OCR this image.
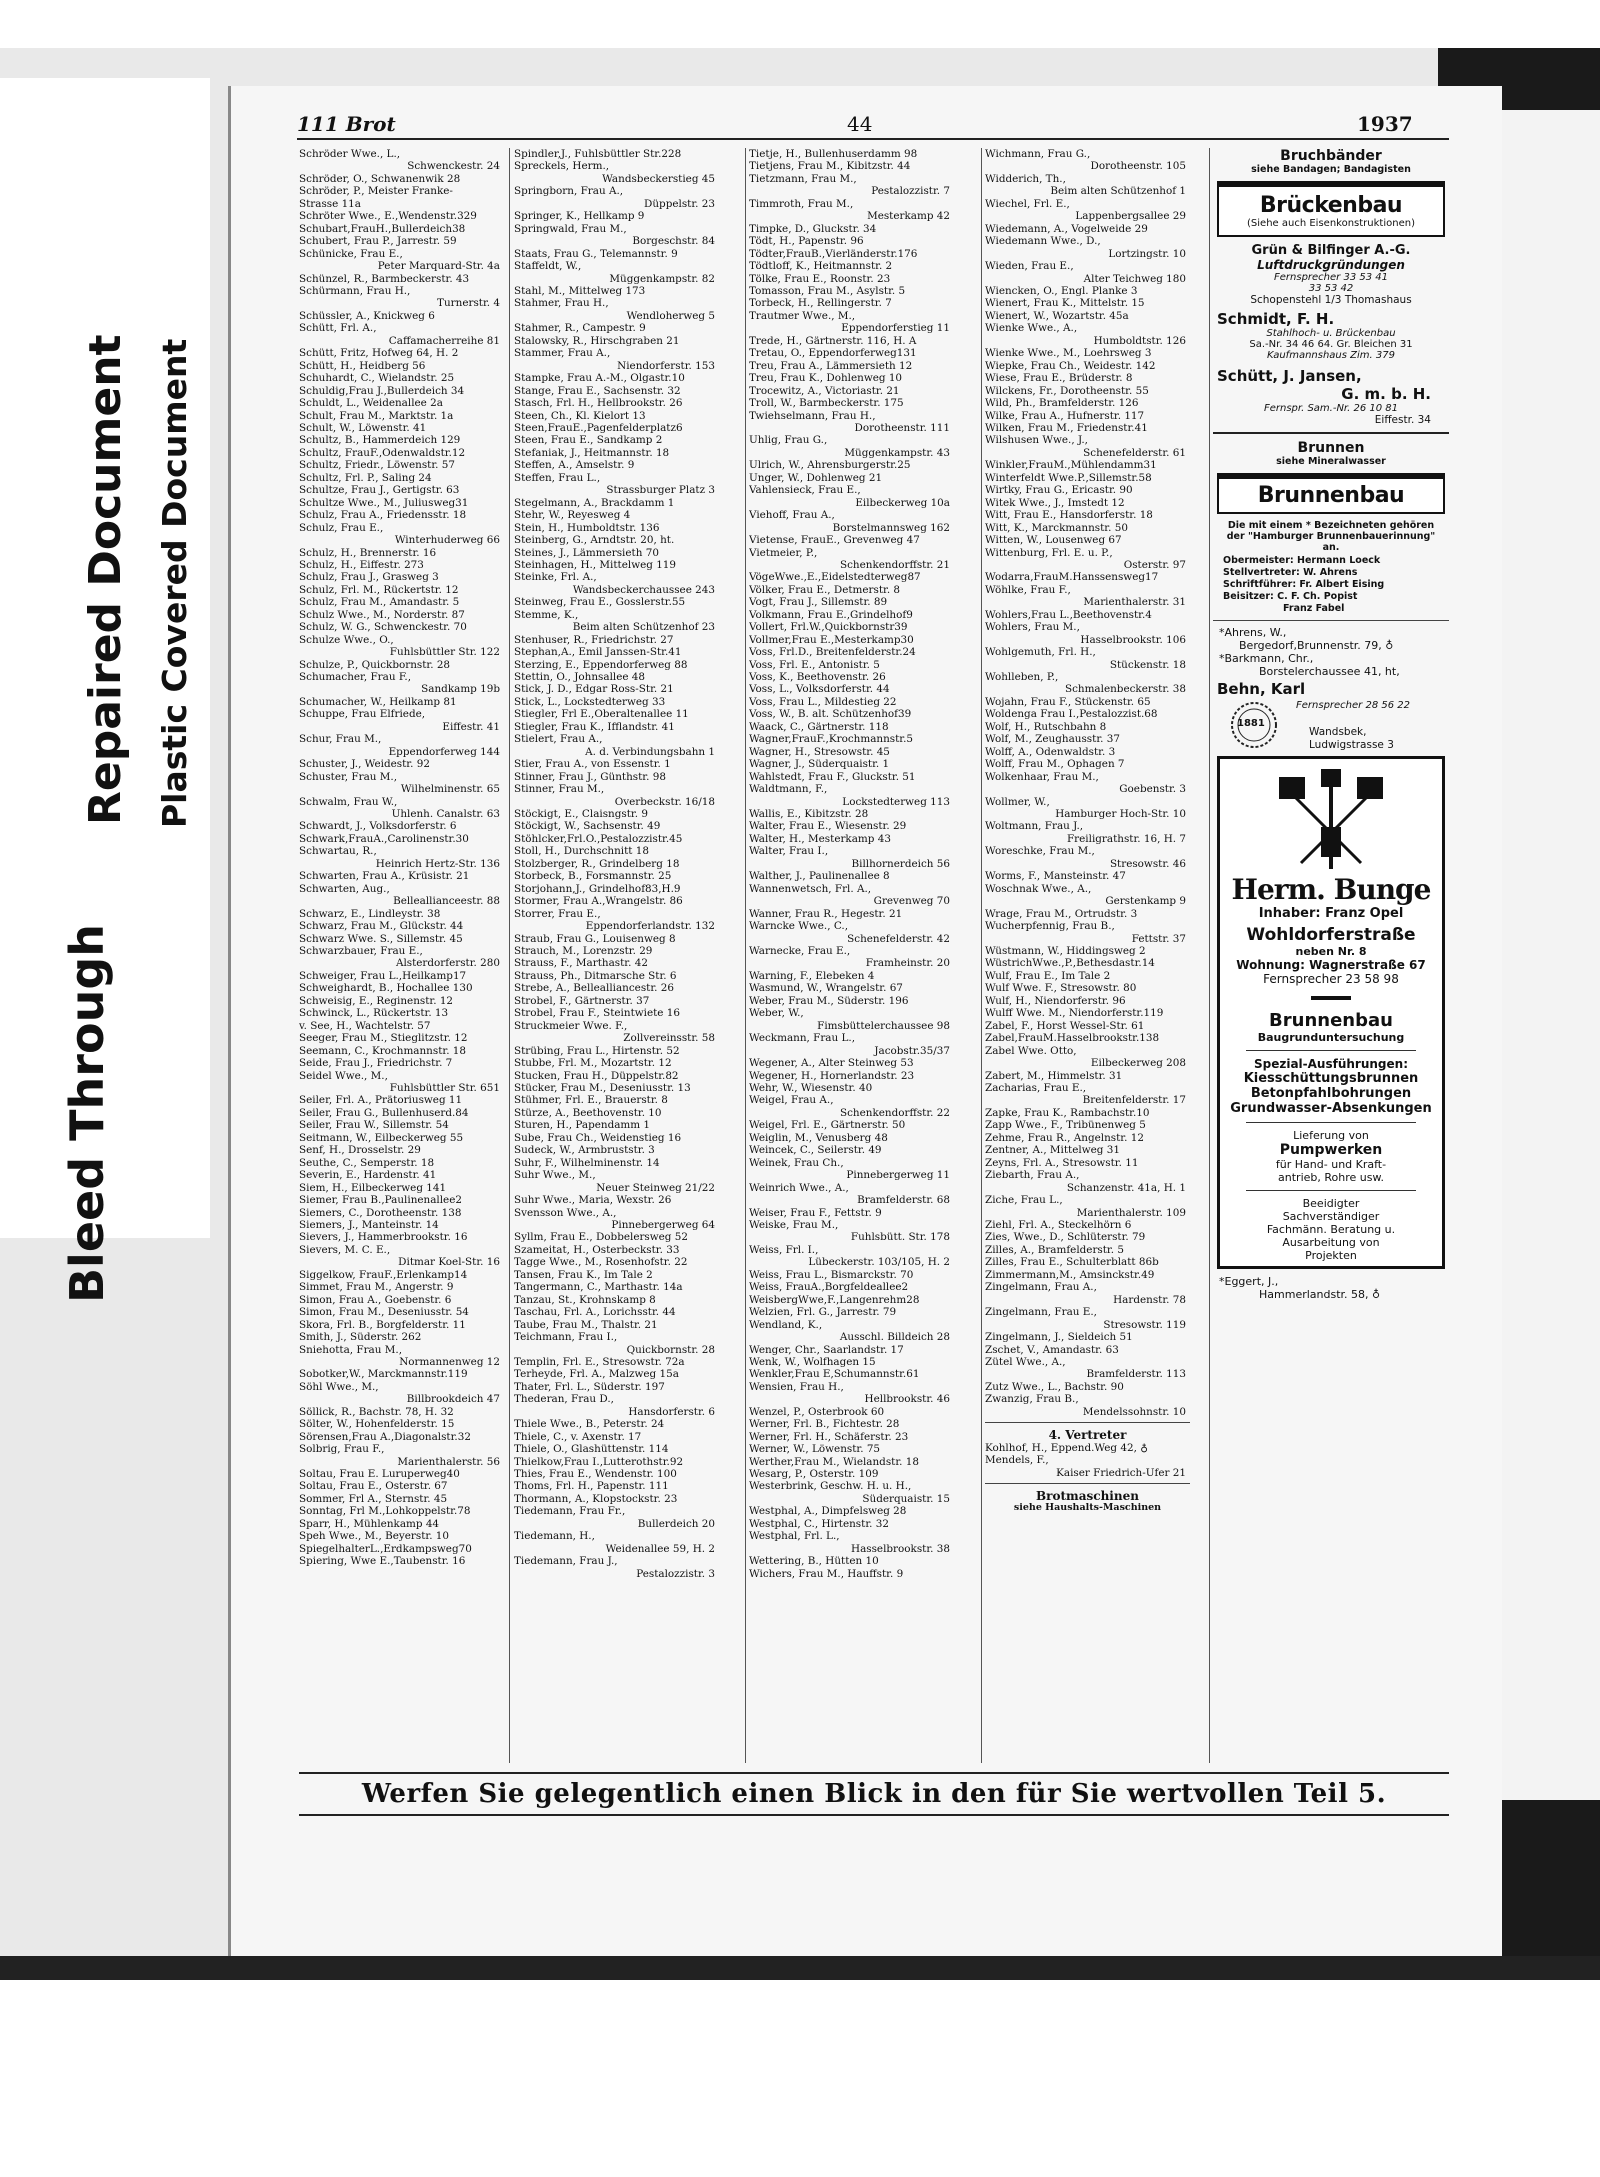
Bleed Through
Repaired Document Plastic Covered Document
111 Brot	44	1937
Schröder Wwe., L.,
Schwenckestr. 24
Schröder, O., Schwanenwik 28
Schröder, P., Meister Franke-
Strasse 11a
Schröter Wwe., E.,Wendenstr.329
Schubart,FrauH.,Bullerdeich38
Schubert, Frau P., Jarrestr. 59
Schünicke, Frau E.,
Peter Marquard-Str. 4a
Schünzel, R., Barmbeckerstr. 43
Schürmann, Frau H.,
Turnerstr. 4
Schüssler, A., Knickweg 6
Schütt, Frl. A.,
Caffamacherreihe 81
Schütt, Fritz, Hofweg 64, H. 2
Schütt, H., Heidberg 56
Schuhardt, C., Wielandstr. 25
Schuldig,Frau J.,Bullerdeich 34
Schuldt, L., Weidenallee 2a
Schult, Frau M., Marktstr. 1a
Schult, W., Löwenstr. 41
Schultz, B., Hammerdeich 129
Schultz, FrauF.,Odenwaldstr.12
Schultz, Friedr., Löwenstr. 57
Schultz, Frl. P., Saling 24
Schultze, Frau J., Gertigstr. 63
Schultze Wwe., M., Juliusweg31
Schulz, Frau A., Friedensstr. 18
Schulz, Frau E.,
Winterhuderweg 66
Schulz, H., Brennerstr. 16
Schulz, H., Eiffestr. 273
Schulz, Frau J., Grasweg 3
Schulz, Frl. M., Rückertstr. 12
Schulz, Frau M., Amandastr. 5
Schulz Wwe., M., Norderstr. 87
Schulz, W. G., Schwenckestr. 70
Schulze Wwe., O.,
Fuhlsbüttler Str. 122
Schulze, P., Quickbornstr. 28
Schumacher, Frau F.,
Sandkamp 19b
Schumacher, W., Heilkamp 81
Schuppe, Frau Elfriede,
Eiffestr. 41
Schur, Frau M.,
Eppendorferweg 144
Schuster, J., Weidestr. 92
Schuster, Frau M.,
Wilhelminenstr. 65
Schwalm, Frau W.,
Uhlenh. Canalstr. 63
Schwardt, J., Volksdorferstr. 6
Schwark,FrauA.,Carolinenstr.30
Schwartau, R.,
Heinrich Hertz-Str. 136
Schwarten, Frau A., Krüsistr. 21
Schwarten, Aug.,
Belleallianceestr. 88
Schwarz, E., Lindleystr. 38
Schwarz, Frau M., Glückstr. 44
Schwarz Wwe. S., Sillemstr. 45
Schwarzbauer, Frau E.,
Alsterdorferstr. 280
Schweiger, Frau L.,Heilkamp17
Schweighardt, B., Hochallee 130
Schweisig, E., Reginenstr. 12
Schwinck, L., Rückertstr. 13
v. See, H., Wachtelstr. 57
Seeger, Frau M., Stieglitzstr. 12
Seemann, C., Krochmannstr. 18
Seide, Frau J., Friedrichstr. 7
Seidel Wwe., M.,
Fuhlsbüttler Str. 651
Seiler, Frl. A., Prätoriusweg 11
Seiler, Frau G., Bullenhuserd.84
Seiler, Frau W., Sillemstr. 54
Seitmann, W., Eilbeckerweg 55
Senf, H., Drosselstr. 29
Seuthe, C., Semperstr. 18
Severin, E., Hardenstr. 41
Siem, H., Eilbeckerweg 141
Siemer, Frau B.,Paulinenallee2
Siemers, C., Dorotheenstr. 138
Siemers, J., Manteinstr. 14
Sievers, J., Hammerbrookstr. 16
Sievers, M. C. E.,
Ditmar Koel-Str. 16
Siggelkow, FrauF.,Erlenkamp14
Simmet, Frau M., Angerstr. 9
Simon, Frau A., Goebenstr. 6
Simon, Frau M., Deseniusstr. 54
Skora, Frl. B., Borgfelderstr. 11
Smith, J., Süderstr. 262
Sniehotta, Frau M.,
Normannenweg 12
Sobotker,W., Marckmannstr.119
Söhl Wwe., M.,
Billbrookdeich 47
Söllick, R., Bachstr. 78, H. 32
Sölter, W., Hohenfelderstr. 15
Sörensen,Frau A.,Diagonalstr.32
Solbrig, Frau F.,
Marienthalerstr. 56
Soltau, Frau E. Luruperweg40
Soltau, Frau E., Osterstr. 67
Sommer, Frl A., Sternstr. 45
Sonntag, Frl M.,Lohkoppelstr.78
Sparr, H., Mühlenkamp 44
Speh Wwe., M., Beyerstr. 10
SpiegelhalterL.,Erdkampsweg70
Spiering, Wwe E.,Taubenstr. 16
Spindler,J., Fuhlsbüttler Str.228
Spreckels, Herm.,
Wandsbeckerstieg 45
Springborn, Frau A.,
Düppelstr. 23
Springer, K., Hellkamp 9
Springwald, Frau M.,
Borgeschstr. 84
Staats, Frau G., Telemannstr. 9
Staffeldt, W.,
Müggenkampstr. 82
Stahl, M., Mittelweg 173
Stahmer, Frau H.,
Wendloherweg 5
Stahmer, R., Campestr. 9
Stalowsky, R., Hirschgraben 21
Stammer, Frau A.,
Niendorferstr. 153
Stampke, Frau A.-M., Olgastr.10
Stange, Frau E., Sachsenstr. 32
Stasch, Frl. H., Hellbrookstr. 26
Steen, Ch., Kl. Kielort 13
Steen,FrauE.,Pagenfelderplatz6
Steen, Frau E., Sandkamp 2
Stefaniak, J., Heitmannstr. 18
Steffen, A., Amselstr. 9
Steffen, Frau L.,
Strassburger Platz 3
Stegelmann, A., Brackdamm 1
Stehr, W., Reyesweg 4
Stein, H., Humboldtstr. 136
Steinberg, G., Arndtstr. 20, ht.
Steines, J., Lämmersieth 70
Steinhagen, H., Mittelweg 119
Steinke, Frl. A.,
Wandsbeckerchaussee 243
Steinweg, Frau E., Gosslerstr.55
Stemme, K.,
Beim alten Schützenhof 23
Stenhuser, R., Friedrichstr. 27
Stephan,A., Emil Janssen-Str.41
Sterzing, E., Eppendorferweg 88
Stettin, O., Johnsallee 48
Stick, J. D., Edgar Ross-Str. 21
Stick, L., Lockstedterweg 33
Stiegler, Frl E.,Oberaltenallee 11
Stiegler, Frau K., Ifflandstr. 41
Stielert, Frau A.,
A. d. Verbindungsbahn 1
Stier, Frau A., von Essenstr. 1
Stinner, Frau J., Günthstr. 98
Stinner, Frau M.,
Overbeckstr. 16/18
Stöckigt, E., Claisngstr. 9
Stöckigt, W., Sachsenstr. 49
Stöhlcker,Frl.O.,Pestalozzistr.45
Stoll, H., Durchschnitt 18
Stolzberger, R., Grindelberg 18
Storbeck, B., Forsmannstr. 25
Storjohann,J., Grindelhof83,H.9
Stormer, Frau A.,Wrangelstr. 86
Storrer, Frau E.,
Eppendorferlandstr. 132
Straub, Frau G., Louisenweg 8
Strauch, M., Lorenzstr. 29
Strauss, F., Marthastr. 42
Strauss, Ph., Ditmarsche Str. 6
Strebe, A., Bellealliancestr. 26
Strobel, F., Gärtnerstr. 37
Strobel, Frau F., Steintwiete 16
Struckmeier Wwe. F.,
Zollvereinsstr. 58
Strübing, Frau L., Hirtenstr. 52
Stubbe, Frl. M., Mozartstr. 12
Stucken, Frau H., Düppelstr.82
Stücker, Frau M., Deseniusstr. 13
Stühmer, Frl. E., Brauerstr. 8
Stürze, A., Beethovenstr. 10
Sturen, H., Papendamm 1
Sube, Frau Ch., Weidenstieg 16
Sudeck, W., Armbruststr. 3
Suhr, F., Wilhelminenstr. 14
Suhr Wwe., M.,
Neuer Steinweg 21/22
Suhr Wwe., Maria, Wexstr. 26
Svensson Wwe., A.,
Pinnebergerweg 64
Syllm, Frau E., Dobbelersweg 52
Szameitat, H., Osterbeckstr. 33
Tagge Wwe., M., Rosenhofstr. 22
Tansen, Frau K., Im Tale 2
Tangermann, C., Marthastr. 14a
Tanzau, St., Krohnskamp 8
Taschau, Frl. A., Lorichsstr. 44
Taube, Frau M., Thalstr. 21
Teichmann, Frau I.,
Quickbornstr. 28
Templin, Frl. E., Stresowstr. 72a
Terheyde, Frl. A., Malzweg 15a
Thater, Frl. L., Süderstr. 197
Thederan, Frau D.,
Hansdorferstr. 6
Thiele Wwe., B., Peterstr. 24
Thiele, C., v. Axenstr. 17
Thiele, O., Glashüttenstr. 114
Thielkow,Frau I.,Lutterothstr.92
Thies, Frau E., Wendenstr. 100
Thoms, Frl. H., Papenstr. 111
Thormann, A., Klopstockstr. 23
Tiedemann, Frau Fr.,
Bullerdeich 20
Tiedemann, H.,
Weidenallee 59, H. 2
Tiedemann, Frau J.,
Pestalozzistr. 3
Tietje, H., Bullenhuserdamm 98
Tietjens, Frau M., Kibitzstr. 44
Tietzmann, Frau M.,
Pestalozzistr. 7
Timmroth, Frau M.,
Mesterkamp 42
Timpke, D., Gluckstr. 34
Tödt, H., Papenstr. 96
Tödter,FrauB.,Vierländerstr.176
Tödtloff, K., Heitmannstr. 2
Tölke, Frau E., Roonstr. 23
Tomasson, Frau M., Asylstr. 5
Torbeck, H., Rellingerstr. 7
Trautmer Wwe., M.,
Eppendorferstieg 11
Trede, H., Gärtnerstr. 116, H. A
Tretau, O., Eppendorferweg131
Treu, Frau A., Lämmersieth 12
Treu, Frau K., Dohlenweg 10
Trocewitz, A., Victoriastr. 21
Troll, W., Barmbeckerstr. 175
Twiehselmann, Frau H.,
Dorotheenstr. 111
Uhlig, Frau G.,
Müggenkampstr. 43
Ulrich, W., Ahrensburgerstr.25
Unger, W., Dohlenweg 21
Vahlensieck, Frau E.,
Eilbeckerweg 10a
Viehoff, Frau A.,
Borstelmannsweg 162
Vietense, FrauE., Grevenweg 47
Vietmeier, P.,
Schenkendorffstr. 21
VögeWwe.,E.,Eidelstedterweg87
Völker, Frau E., Detmerstr. 8
Vogt, Frau J., Sillemstr. 89
Volkmann, Frau E.,Grindelhof9
Vollert, Frl.W.,Quickbornstr39
Vollmer,Frau E.,Mesterkamp30
Voss, Frl.D., Breitenfelderstr.24
Voss, Frl. E., Antonistr. 5
Voss, K., Beethovenstr. 26
Voss, L., Volksdorferstr. 44
Voss, Frau L., Mildestieg 22
Voss, W., B. alt. Schützenhof39
Waack, C., Gärtnerstr. 118
Wagner,FrauF.,Krochmannstr.5
Wagner, H., Stresowstr. 45
Wagner, J., Süderquaistr. 1
Wahlstedt, Frau F., Gluckstr. 51
Waldtmann, F.,
Lockstedterweg 113
Wallis, E., Kibitzstr. 28
Walter, Frau E., Wiesenstr. 29
Walter, H., Mesterkamp 43
Walter, Frau I.,
Billhornerdeich 56
Walther, J., Paulinenallee 8
Wannenwetsch, Frl. A.,
Grevenweg 70
Wanner, Frau R., Hegestr. 21
Warncke Wwe., C.,
Schenefelderstr. 42
Warnecke, Frau E.,
Framheinstr. 20
Warning, F., Elebeken 4
Wasmund, W., Wrangelstr. 67
Weber, Frau M., Süderstr. 196
Weber, W.,
Fimsbüttelerchaussee 98
Weckmann, Frau L.,
Jacobstr.35/37
Wegener, A., Alter Steinweg 53
Wegener, H., Hornerlandstr. 23
Wehr, W., Wiesenstr. 40
Weigel, Frau A.,
Schenkendorffstr. 22
Weigel, Frl. E., Gärtnerstr. 50
Weiglin, M., Venusberg 48
Weincek, C., Seilerstr. 49
Weinek, Frau Ch.,
Pinnebergerweg 11
Weinrich Wwe., A.,
Bramfelderstr. 68
Weiser, Frau F., Fettstr. 9
Weiske, Frau M.,
Fuhlsbütt. Str. 178
Weiss, Frl. I.,
Lübeckerstr. 103/105, H. 2
Weiss, Frau L., Bismarckstr. 70
Weiss, FrauA.,Borgfeldeallee2
WeisbergWwe,F.,Langenrehm28
Welzien, Frl. G., Jarrestr. 79
Wendland, K.,
Ausschl. Billdeich 28
Wenger, Chr., Saarlandstr. 17
Wenk, W., Wolfhagen 15
Wenkler,Frau E,Schumannstr.61
Wensien, Frau H.,
Hellbrookstr. 46
Wenzel, P., Osterbrook 60
Werner, Frl. B., Fichtestr. 28
Werner, Frl. H., Schäferstr. 23
Werner, W., Löwenstr. 75
Werther,Frau M., Wielandstr. 18
Wesarg, P., Osterstr. 109
Westerbrink, Geschw. H. u. H.,
Süderquaistr. 15
Westphal, A., Dimpfelsweg 28
Westphal, C., Hirtenstr. 32
Westphal, Frl. L.,
Hasselbrookstr. 38
Wettering, B., Hütten 10
Wichers, Frau M., Hauffstr. 9
Wichmann, Frau G.,
Dorotheenstr. 105
Widderich, Th.,
Beim alten Schützenhof 1
Wiechel, Frl. E.,
Lappenbergsallee 29
Wiedemann, A., Vogelweide 29
Wiedemann Wwe., D.,
Lortzingstr. 10
Wieden, Frau E.,
Alter Teichweg 180
Wiencken, O., Engl. Planke 3
Wienert, Frau K., Mittelstr. 15
Wienert, W., Wozartstr. 45a
Wienke Wwe., A.,
Humboldtstr. 126
Wienke Wwe., M., Loehrsweg 3
Wiepke, Frau Ch., Weidestr. 142
Wiese, Frau E., Brüderstr. 8
Wilckens, Fr., Dorotheenstr. 55
Wild, Ph., Bramfelderstr. 126
Wilke, Frau A., Hufnerstr. 117
Wilken, Frau M., Friedenstr.41
Wilshusen Wwe., J.,
Schenefelderstr. 61
Winkler,FrauM.,Mühlendamm31
Winterfeldt Wwe.P.,Sillemstr.58
Wirtky, Frau G., Ericastr. 90
Witek Wwe., J., Imstedt 12
Witt, Frau E., Hansdorferstr. 18
Witt, K., Marckmannstr. 50
Witten, W., Lousenweg 67
Wittenburg, Frl. E. u. P.,
Osterstr. 97
Wodarra,FrauM.Hanssensweg17
Wöhlke, Frau F.,
Marienthalerstr. 31
Wohlers,Frau L.,Beethovenstr.4
Wohlers, Frau M.,
Hasselbrookstr. 106
Wohlgemuth, Frl. H.,
Stückenstr. 18
Wohlleben, P.,
Schmalenbeckerstr. 38
Wojahn, Frau F., Stückenstr. 65
Woldenga Frau I.,Pestalozzist.68
Wolf, H., Rutschbahn 8
Wolf, M., Zeughausstr. 37
Wolff, A., Odenwaldstr. 3
Wolff, Frau M., Ophagen 7
Wolkenhaar, Frau M.,
Goebenstr. 3
Wollmer, W.,
Hamburger Hoch-Str. 10
Woltmann, Frau J.,
Freiligrathstr. 16, H. 7
Woreschke, Frau M.,
Stresowstr. 46
Worms, F., Mansteinstr. 47
Woschnak Wwe., A.,
Gerstenkamp 9
Wrage, Frau M., Ortrudstr. 3
Wucherpfennig, Frau B.,
Fettstr. 37
Wüstmann, W., Hiddingsweg 2
WüstrichWwe.,P.,Bethesdastr.14
Wulf, Frau E., Im Tale 2
Wulf Wwe. F., Stresowstr. 80
Wulf, H., Niendorferstr. 96
Wulff Wwe. M., Niendorferstr.119
Zabel, F., Horst Wessel-Str. 61
Zabel,FrauM.Hasselbrookstr.138
Zabel Wwe. Otto,
Eilbeckerweg 208
Zabert, M., Himmelstr. 31
Zacharias, Frau E.,
Breitenfelderstr. 17
Zapke, Frau K., Rambachstr.10
Zapp Wwe., F., Tribünenweg 5
Zehme, Frau R., Angelnstr. 12
Zentner, A., Mittelweg 31
Zeyns, Frl. A., Stresowstr. 11
Ziebarth, Frau A.,
Schanzenstr. 41a, H. 1
Ziche, Frau L.,
Marienthalerstr. 109
Ziehl, Frl. A., Steckelhörn 6
Zies, Wwe., D., Schlüterstr. 79
Zilles, A., Bramfelderstr. 5
Zilles, Frau E., Schulterblatt 86b
Zimmermann,M., Amsinckstr.49
Zingelmann, Frau A.,
Hardenstr. 78
Zingelmann, Frau E.,
Stresowstr. 119
Zingelmann, J., Sieldeich 51
Zschet, V., Amandastr. 63
Zütel Wwe., A.,
Bramfelderstr. 113
Zutz Wwe., L., Bachstr. 90
Zwanzig, Frau B.,
Mendelssohnstr. 10
4. Vertreter
Kohlhof, H., Eppend.Weg 42, ♁
Mendels, F.,
Kaiser Friedrich-Ufer 21
Brotmaschinen
siehe Haushalts-Maschinen
Bruchbänder
siehe Bandagen; Bandagisten
Brückenbau
(Siehe auch Eisenkonstruktionen)
Grün & Bilfinger A.-G.
Luftdruckgründungen
Fernsprecher 33 53 41
33 53 42
Schopenstehl 1/3 Thomashaus
Schmidt, F. H.
Stahlhoch- u. Brückenbau
Sa.-Nr. 34 46 64. Gr. Bleichen 31
Kaufmannshaus Zim. 379
Schütt, J. Jansen,
G. m. b. H.
Fernspr. Sam.-Nr. 26 10 81
Eiffestr. 34
Brunnen
siehe Mineralwasser
Brunnenbau
Die mit einem * Bezeichneten gehören der "Hamburger Brunnenbauerinnung" an.
Obermeister: Hermann Loeck
Stellvertreter: W. Ahrens
Schriftführer: Fr. Albert Eising
Beisitzer: C. F. Ch. Popist
Franz Fabel
*Ahrens, W.,
Bergedorf,Brunnenstr. 79, ♁
*Barkmann, Chr.,
Borstelerchaussee 41, ht,
Behn, Karl
1881
Fernsprecher 28 56 22
Wandsbek,
Ludwigstrasse 3
Herm. Bunge
Inhaber: Franz Opel
Wohldorferstraße
neben Nr. 8
Wohnung: Wagnerstraße 67
Fernsprecher 23 58 98
Brunnenbau
Baugrunduntersuchung
Spezial-Ausführungen:
Kiesschüttungsbrunnen
Betonpfahlbohrungen
Grundwasser-Absenkungen
Lieferung von
Pumpwerken
für Hand- und Kraft-
antrieb, Rohre usw.
Beeidigter
Sachverständiger
Fachmänn. Beratung u.
Ausarbeitung von
Projekten
*Eggert, J.,
Hammerlandstr. 58, ♁
Werfen Sie gelegentlich einen Blick in den für Sie wertvollen Teil 5.
